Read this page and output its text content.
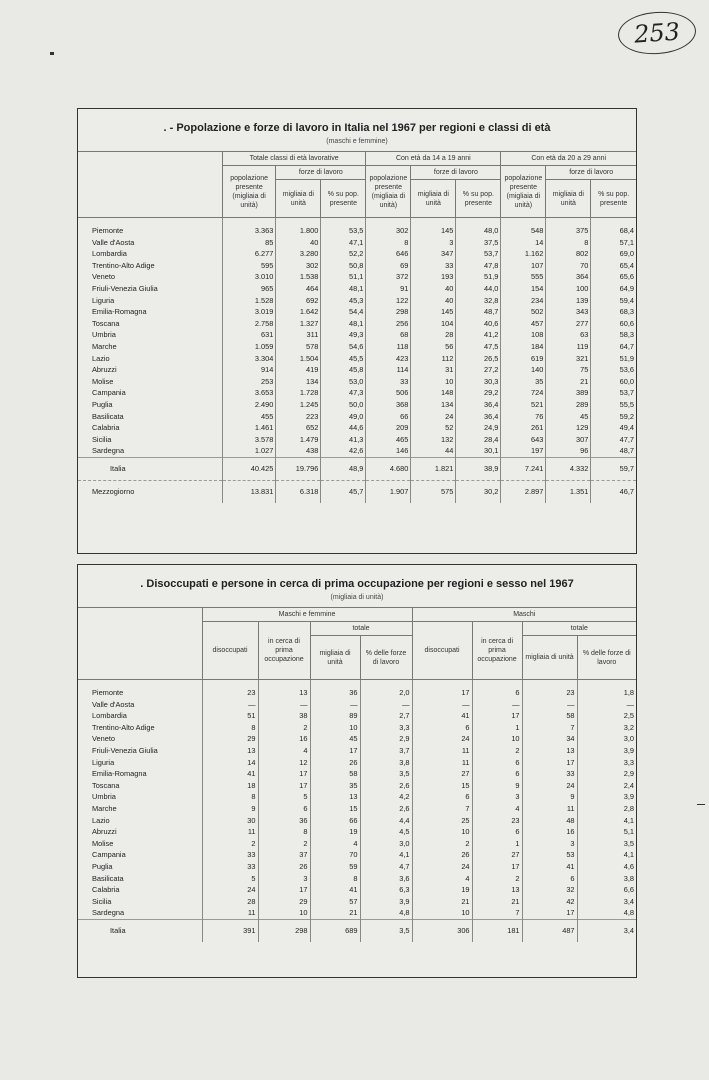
253
. - Popolazione e forze di lavoro in Italia nel 1967 per regioni e classi di età
(maschi e femmine)
	Totale classi di età lavorative			Con età da 14 a 19 anni			Con età da 20 a 29 anni		
	popolazione presente (migliaia di unità)	forze di lavoro		popolazione presente (migliaia di unità)	forze di lavoro		popolazione presente (migliaia di unità)	forze di lavoro	
		migliaia di unità	% su pop. presente		migliaia di unità	% su pop. presente		migliaia di unità	% su pop. presente

Piemonte	3.363	1.800	53,5	302	145	48,0	548	375	68,4
Valle d'Aosta	85	40	47,1	8	3	37,5	14	8	57,1
Lombardia	6.277	3.280	52,2	646	347	53,7	1.162	802	69,0
Trentino-Alto Adige	595	302	50,8	69	33	47,8	107	70	65,4
Veneto	3.010	1.538	51,1	372	193	51,9	555	364	65,6
Friuli-Venezia Giulia	965	464	48,1	91	40	44,0	154	100	64,9
Liguria	1.528	692	45,3	122	40	32,8	234	139	59,4
Emilia-Romagna	3.019	1.642	54,4	298	145	48,7	502	343	68,3
Toscana	2.758	1.327	48,1	256	104	40,6	457	277	60,6
Umbria	631	311	49,3	68	28	41,2	108	63	58,3
Marche	1.059	578	54,6	118	56	47,5	184	119	64,7
Lazio	3.304	1.504	45,5	423	112	26,5	619	321	51,9
Abruzzi	914	419	45,8	114	31	27,2	140	75	53,6
Molise	253	134	53,0	33	10	30,3	35	21	60,0
Campania	3.653	1.728	47,3	506	148	29,2	724	389	53,7
Puglia	2.490	1.245	50,0	368	134	36,4	521	289	55,5
Basilicata	455	223	49,0	66	24	36,4	76	45	59,2
Calabria	1.461	652	44,6	209	52	24,9	261	129	49,4
Sicilia	3.578	1.479	41,3	465	132	28,4	643	307	47,7
Sardegna	1.027	438	42,6	146	44	30,1	197	96	48,7
Italia	40.425	19.796	48,9	4.680	1.821	38,9	7.241	4.332	59,7
Mezzogiorno	13.831	6.318	45,7	1.907	575	30,2	2.897	1.351	46,7
. Disoccupati e persone in cerca di prima occupazione per regioni e sesso nel 1967
(migliaia di unità)
	Maschi e femmine				Maschi			
	disoccupati	in cerca di prima occupazione	totale		disoccupati	in cerca di prima occupazione	totale	
			migliaia di unità	% delle forze di lavoro			migliaia di unità	% delle forze di lavoro

Piemonte	23	13	36	2,0	17	6	23	1,8
Valle d'Aosta	—	—	—	—	—	—	—	—
Lombardia	51	38	89	2,7	41	17	58	2,5
Trentino-Alto Adige	8	2	10	3,3	6	1	7	3,2
Veneto	29	16	45	2,9	24	10	34	3,0
Friuli-Venezia Giulia	13	4	17	3,7	11	2	13	3,9
Liguria	14	12	26	3,8	11	6	17	3,3
Emilia-Romagna	41	17	58	3,5	27	6	33	2,9
Toscana	18	17	35	2,6	15	9	24	2,4
Umbria	8	5	13	4,2	6	3	9	3,9
Marche	9	6	15	2,6	7	4	11	2,8
Lazio	30	36	66	4,4	25	23	48	4,1
Abruzzi	11	8	19	4,5	10	6	16	5,1
Molise	2	2	4	3,0	2	1	3	3,5
Campania	33	37	70	4,1	26	27	53	4,1
Puglia	33	26	59	4,7	24	17	41	4,6
Basilicata	5	3	8	3,6	4	2	6	3,8
Calabria	24	17	41	6,3	19	13	32	6,6
Sicilia	28	29	57	3,9	21	21	42	3,4
Sardegna	11	10	21	4,8	10	7	17	4,8
Italia	391	298	689	3,5	306	181	487	3,4
